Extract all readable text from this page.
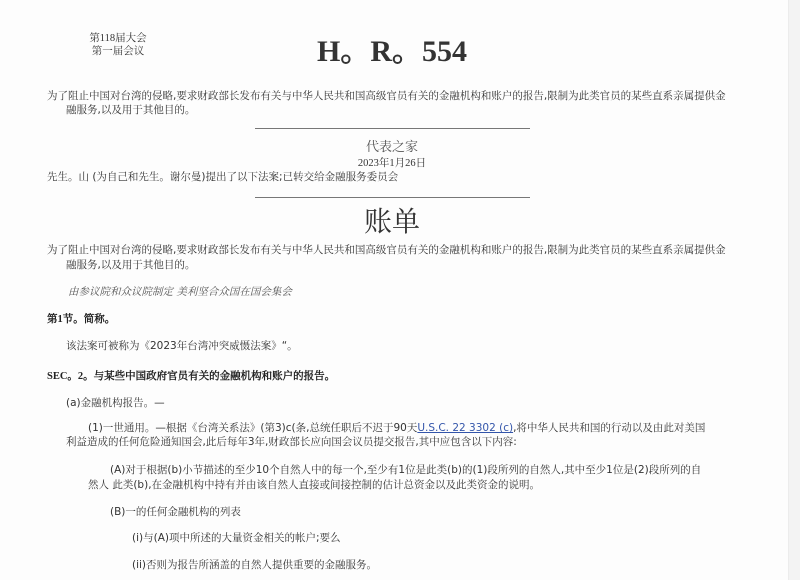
第118届大会
第一届会议	H。R。554
为了阻止中国对台湾的侵略,要求财政部长发布有关与中华人民共和国高级官员有关的金融机构和账户的报告,限制为此类官员的某些直系亲属提供金
融服务,以及用于其他目的。
代表之家
2023年1月26日
先生。山 (为自己和先生。谢尔曼)提出了以下法案;已转交给金融服务委员会
账单
为了阻止中国对台湾的侵略,要求财政部长发布有关与中华人民共和国高级官员有关的金融机构和账户的报告,限制为此类官员的某些直系亲属提供金
融服务,以及用于其他目的。
由参议院和众议院制定 美利坚合众国在国会集会
第1节。简称。
该法案可被称为《2023年台湾冲突威慑法案》“。
SEC。2。与某些中国政府官员有关的金融机构和账户的报告。
(a)金融机构报告。—
(1)一世通用。—根据《台湾关系法》(第3)c(条,总统任职后不迟于90天U.S.C. 22 3302 (c),将中华人民共和国的行动以及由此对美国
利益造成的任何危险通知国会,此后每年3年,财政部长应向国会议员提交报告,其中应包含以下内容:
(A)对于根据(b)小节描述的至少10个自然人中的每一个,至少有1位是此类(b)的(1)段所列的自然人,其中至少1位是(2)段所列的自
然人 此类(b),在金融机构中持有并由该自然人直接或间接控制的估计总资金以及此类资金的说明。
(B)一的任何金融机构的列表
(i)与(A)项中所述的大量资金相关的帐户;要么
(ii)否则为报告所涵盖的自然人提供重要的金融服务。
